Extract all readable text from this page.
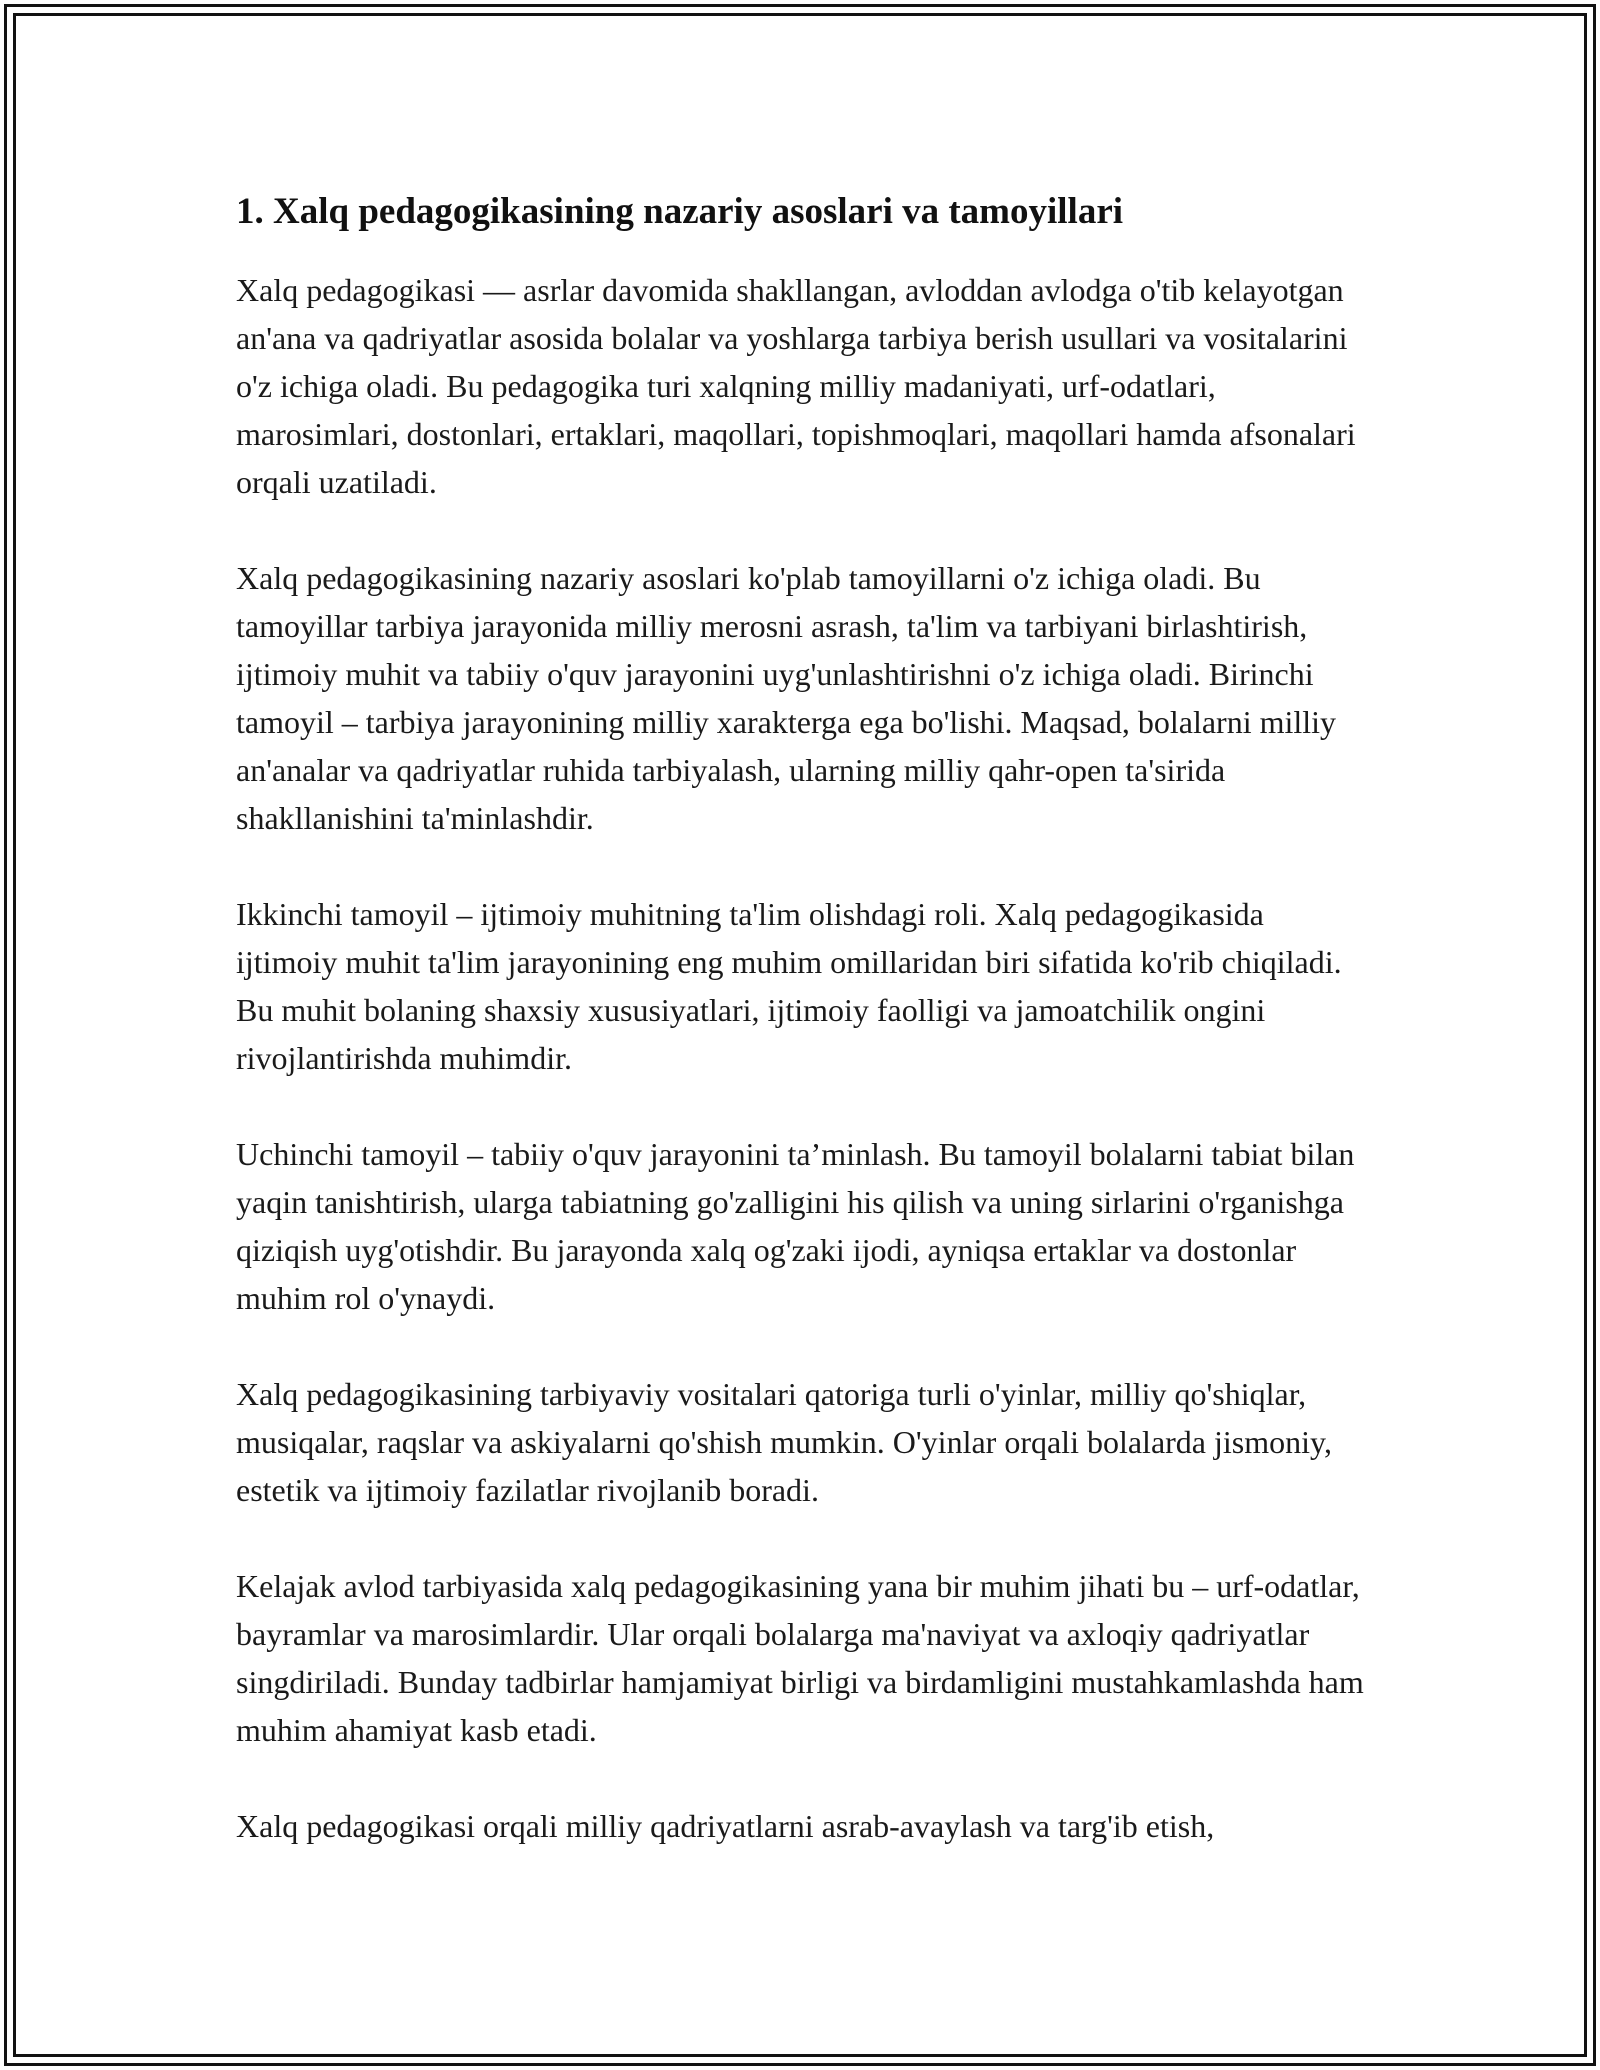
1. Xalq pedagogikasining nazariy asoslari va tamoyillari

Xalq pedagogikasi — asrlar davomida shakllangan, avloddan avlodga o'tib kelayotgan an'ana va qadriyatlar asosida bolalar va yoshlarga tarbiya berish usullari va vositalarini o'z ichiga oladi. Bu pedagogika turi xalqning milliy madaniyati, urf-odatlari, marosimlari, dostonlari, ertaklari, maqollari, topishmoqlari, maqollari hamda afsonalari orqali uzatiladi.

Xalq pedagogikasining nazariy asoslari ko'plab tamoyillarni o'z ichiga oladi. Bu tamoyillar tarbiya jarayonida milliy merosni asrash, ta'lim va tarbiyani birlashtirish, ijtimoiy muhit va tabiiy o'quv jarayonini uyg'unlashtirishni o'z ichiga oladi. Birinchi tamoyil – tarbiya jarayonining milliy xarakterga ega bo'lishi. Maqsad, bolalarni milliy an'analar va qadriyatlar ruhida tarbiyalash, ularning milliy qahr-open ta'sirida shakllanishini ta'minlashdir.

Ikkinchi tamoyil – ijtimoiy muhitning ta'lim olishdagi roli. Xalq pedagogikasida ijtimoiy muhit ta'lim jarayonining eng muhim omillaridan biri sifatida ko'rib chiqiladi. Bu muhit bolaning shaxsiy xususiyatlari, ijtimoiy faolligi va jamoatchilik ongini rivojlantirishda muhimdir.

Uchinchi tamoyil – tabiiy o'quv jarayonini ta’minlash. Bu tamoyil bolalarni tabiat bilan yaqin tanishtirish, ularga tabiatning go'zalligini his qilish va uning sirlarini o'rganishga qiziqish uyg'otishdir. Bu jarayonda xalq og'zaki ijodi, ayniqsa ertaklar va dostonlar muhim rol o'ynaydi.

Xalq pedagogikasining tarbiyaviy vositalari qatoriga turli o'yinlar, milliy qo'shiqlar, musiqalar, raqslar va askiyalarni qo'shish mumkin. O'yinlar orqali bolalarda jismoniy, estetik va ijtimoiy fazilatlar rivojlanib boradi.

Kelajak avlod tarbiyasida xalq pedagogikasining yana bir muhim jihati bu – urf-odatlar, bayramlar va marosimlardir. Ular orqali bolalarga ma'naviyat va axloqiy qadriyatlar singdiriladi. Bunday tadbirlar hamjamiyat birligi va birdamligini mustahkamlashda ham muhim ahamiyat kasb etadi.

Xalq pedagogikasi orqali milliy qadriyatlarni asrab-avaylash va targ'ib etish,
